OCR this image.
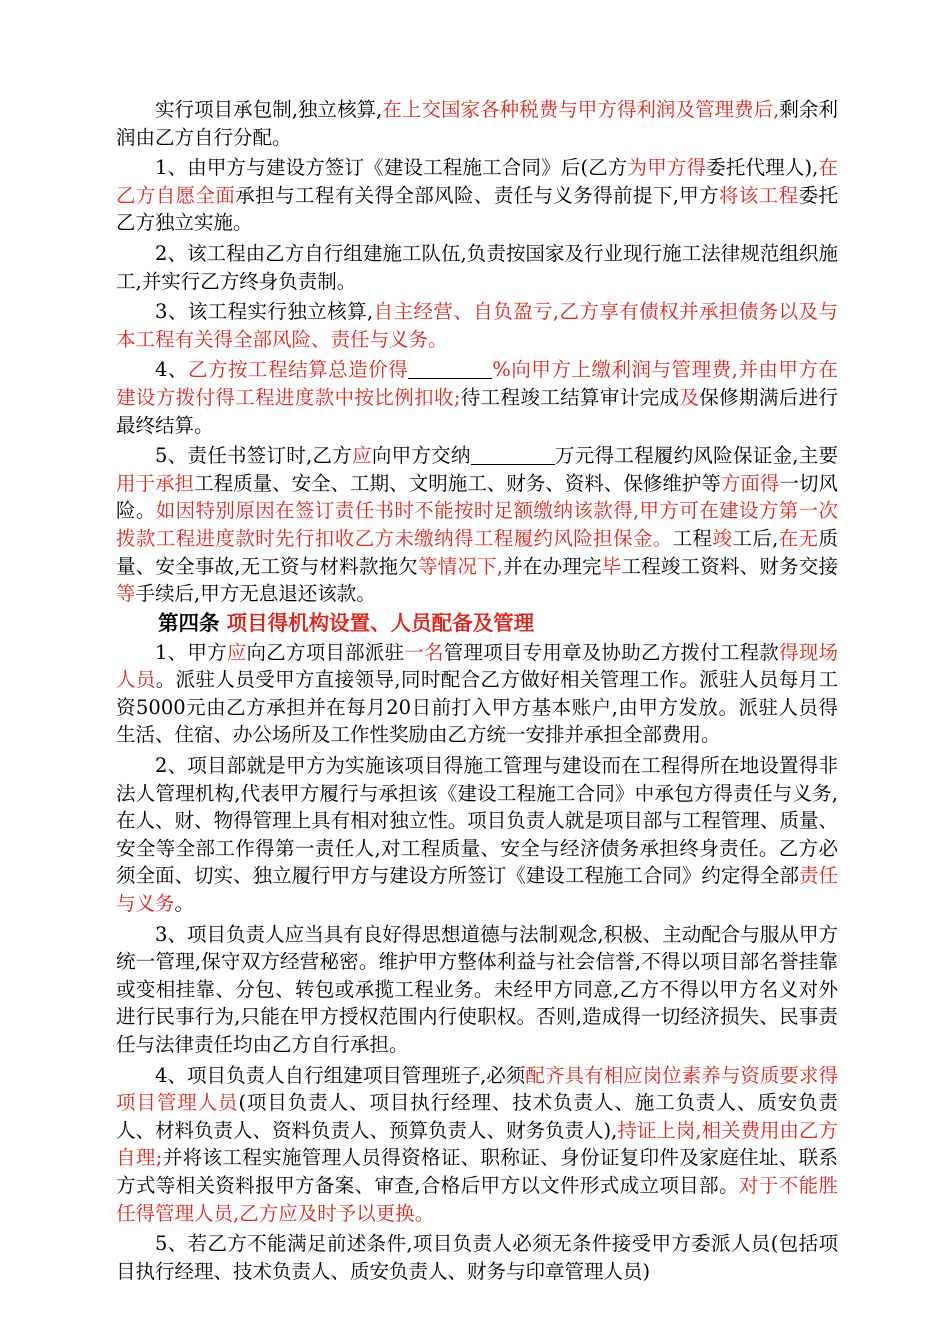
实行项目承包制,独立核算,在上交国家各种税费与甲方得利润及管理费后,剩余利润由乙方自行分配。

1、由甲方与建设方签订《建设工程施工合同》后(乙方为甲方得委托代理人),在乙方自愿全面承担与工程有关得全部风险、责任与义务得前提下,甲方将该工程委托乙方独立实施。

2、该工程由乙方自行组建施工队伍,负责按国家及行业现行施工法律规范组织施工,并实行乙方终身负责制。

3、该工程实行独立核算,自主经营、自负盈亏,乙方享有债权并承担债务以及与本工程有关得全部风险、责任与义务。

4、乙方按工程结算总造价得	%向甲方上缴利润与管理费,并由甲方在建设方拨付得工程进度款中按比例扣收;待工程竣工结算审计完成及保修期满后进行最终结算。

5、责任书签订时,乙方应向甲方交纳	万元得工程履约风险保证金,主要用于承担工程质量、安全、工期、文明施工、财务、资料、保修维护等方面得一切风险。如因特别原因在签订责任书时不能按时足额缴纳该款得,甲方可在建设方第一次拨款工程进度款时先行扣收乙方未缴纳得工程履约风险担保金。工程竣工后,在无质量、安全事故,无工资与材料款拖欠等情况下,并在办理完毕工程竣工资料、财务交接等手续后,甲方无息退还该款。

第四条 项目得机构设置、人员配备及管理

1、甲方应向乙方项目部派驻一名管理项目专用章及协助乙方拨付工程款得现场人员。派驻人员受甲方直接领导,同时配合乙方做好相关管理工作。派驻人员每月工资5000元由乙方承担并在每月20日前打入甲方基本账户,由甲方发放。派驻人员得生活、住宿、办公场所及工作性奖励由乙方统一安排并承担全部费用。

2、项目部就是甲方为实施该项目得施工管理与建设而在工程得所在地设置得非法人管理机构,代表甲方履行与承担该《建设工程施工合同》中承包方得责任与义务,在人、财、物得管理上具有相对独立性。项目负责人就是项目部与工程管理、质量、安全等全部工作得第一责任人,对工程质量、安全与经济债务承担终身责任。乙方必须全面、切实、独立履行甲方与建设方所签订《建设工程施工合同》约定得全部责任与义务。

3、项目负责人应当具有良好得思想道德与法制观念,积极、主动配合与服从甲方统一管理,保守双方经营秘密。维护甲方整体利益与社会信誉,不得以项目部名誉挂靠或变相挂靠、分包、转包或承揽工程业务。未经甲方同意,乙方不得以甲方名义对外进行民事行为,只能在甲方授权范围内行使职权。否则,造成得一切经济损失、民事责任与法律责任均由乙方自行承担。

4、项目负责人自行组建项目管理班子,必须配齐具有相应岗位素养与资质要求得项目管理人员(项目负责人、项目执行经理、技术负责人、施工负责人、质安负责人、材料负责人、资料负责人、预算负责人、财务负责人),持证上岗,相关费用由乙方自理;并将该工程实施管理人员得资格证、职称证、身份证复印件及家庭住址、联系方式等相关资料报甲方备案、审查,合格后甲方以文件形式成立项目部。对于不能胜任得管理人员,乙方应及时予以更换。

5、若乙方不能满足前述条件,项目负责人必须无条件接受甲方委派人员(包括项目执行经理、技术负责人、质安负责人、财务与印章管理人员)
